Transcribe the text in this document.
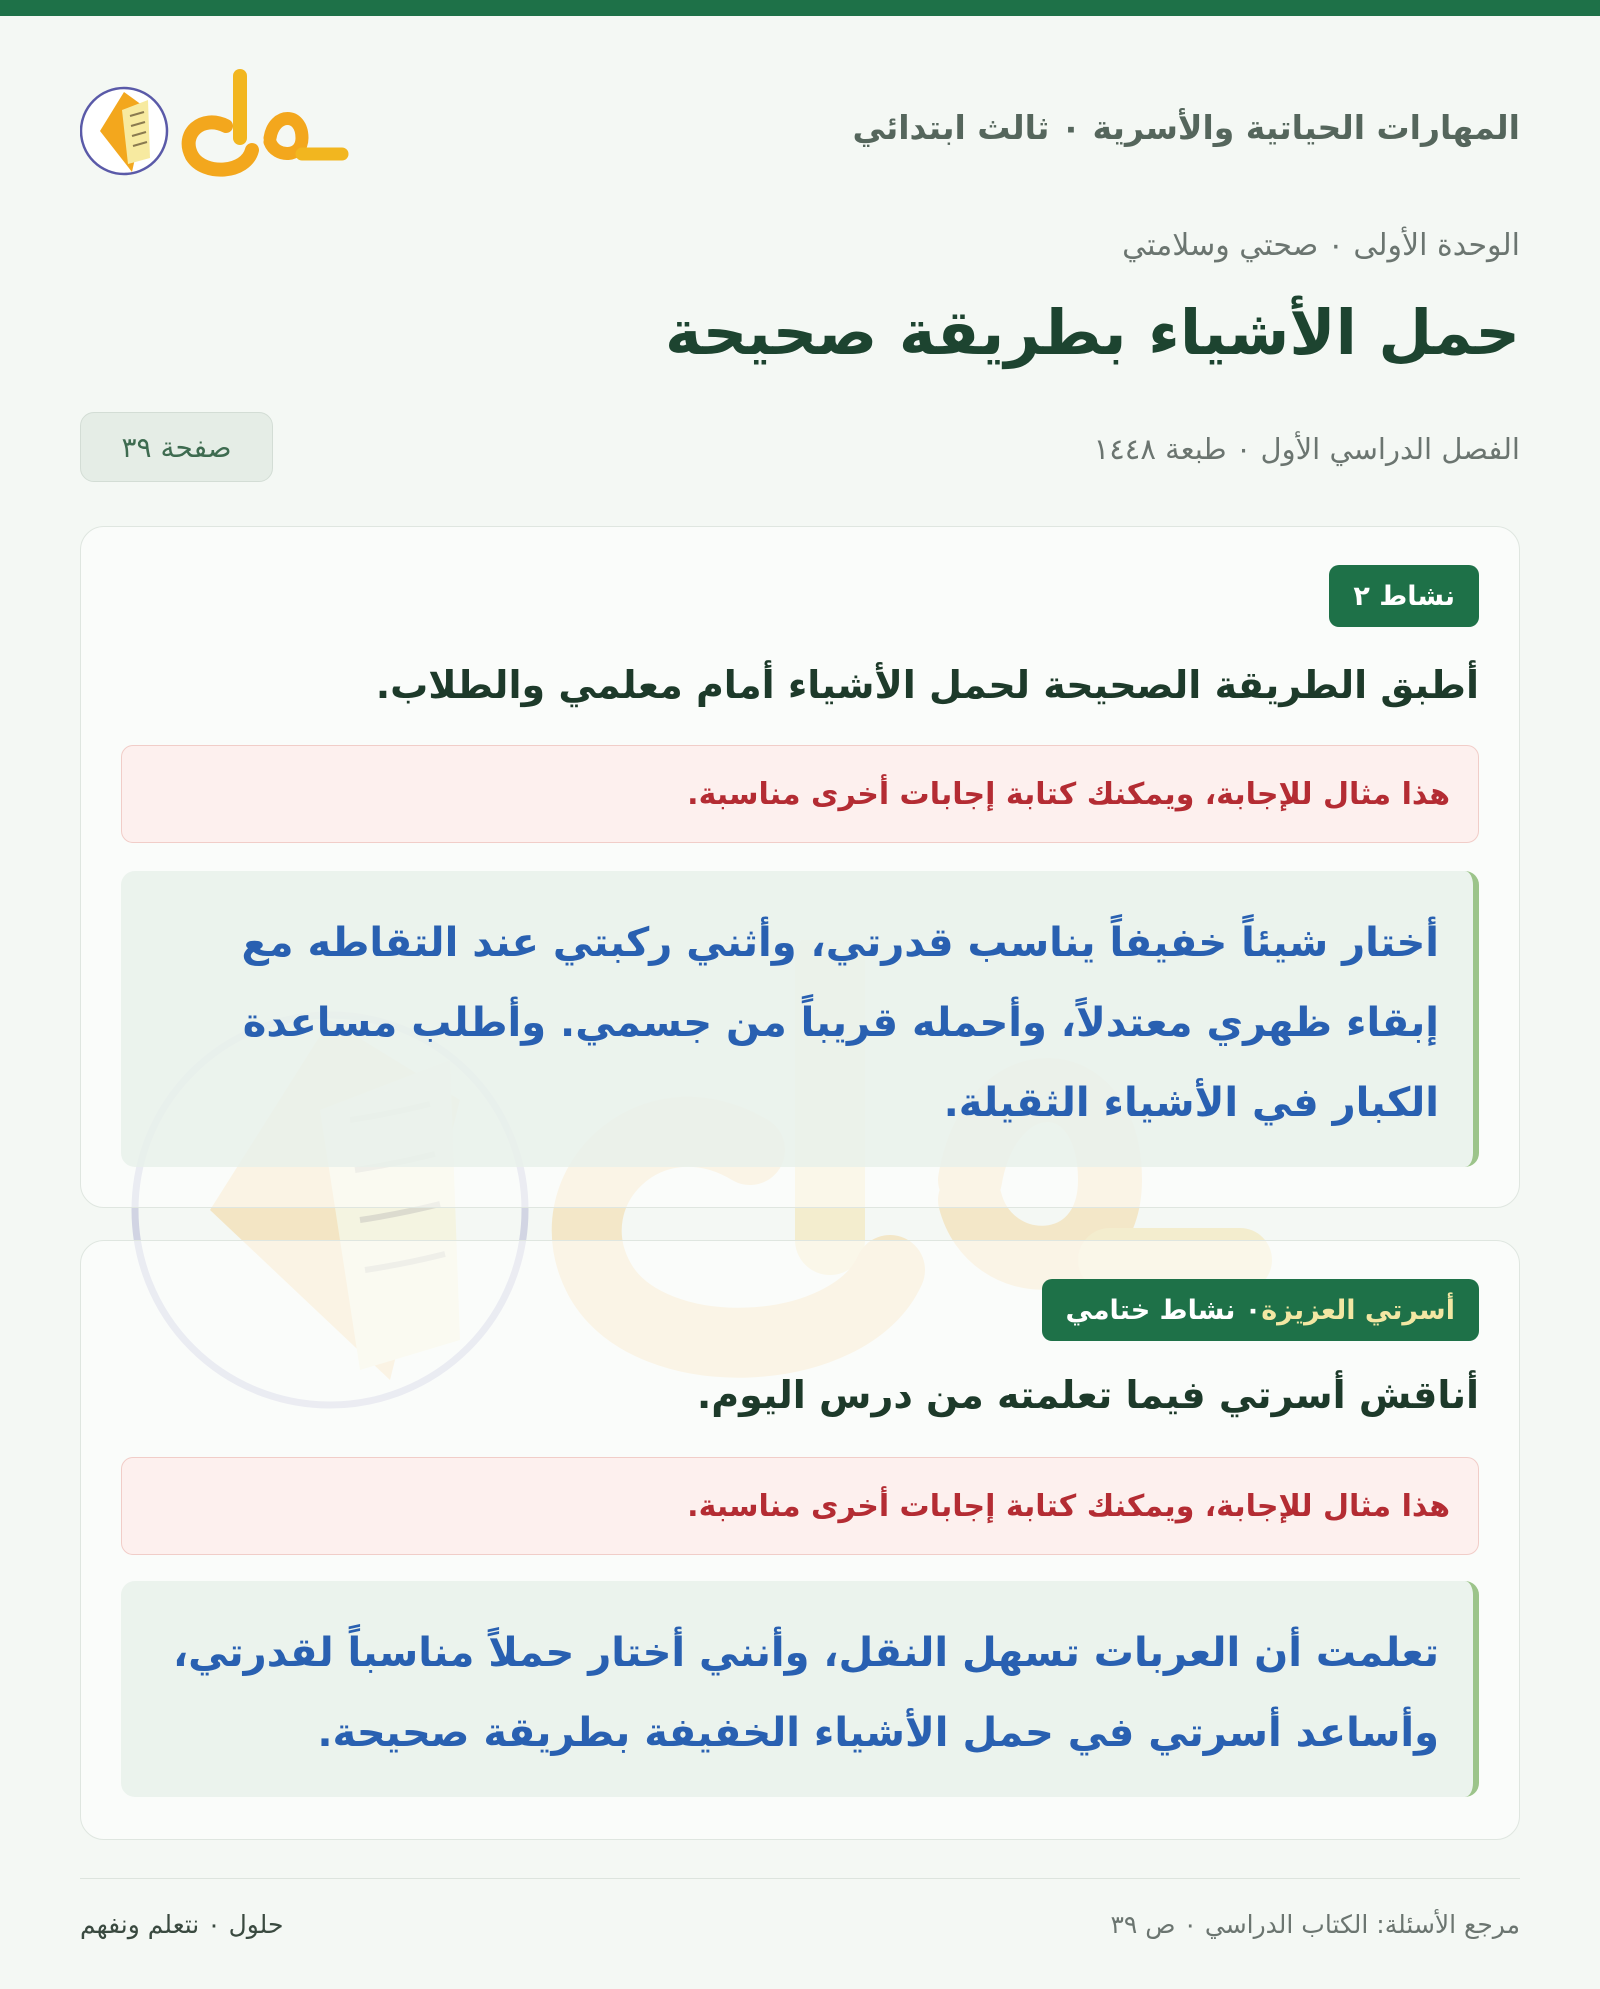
المهارات الحياتية والأسرية ٠ ثالث ابتدائي
الوحدة الأولى ٠ صحتي وسلامتي
حمل الأشياء بطريقة صحيحة
الفصل الدراسي الأول ٠ طبعة ١٤٤٨
صفحة ٣٩
نشاط ٢
أطبق الطريقة الصحيحة لحمل الأشياء أمام معلمي والطلاب.
هذا مثال للإجابة، ويمكنك كتابة إجابات أخرى مناسبة.
أختار شيئاً خفيفاً يناسب قدرتي، وأثني ركبتي عند التقاطه مع إبقاء ظهري معتدلاً، وأحمله قريباً من جسمي. وأطلب مساعدة الكبار في الأشياء الثقيلة.
أسرتي العزيزة
٠ نشاط ختامي
أناقش أسرتي فيما تعلمته من درس اليوم.
هذا مثال للإجابة، ويمكنك كتابة إجابات أخرى مناسبة.
تعلمت أن العربات تسهل النقل، وأنني أختار حملاً مناسباً لقدرتي، وأساعد أسرتي في حمل الأشياء الخفيفة بطريقة صحيحة.
مرجع الأسئلة: الكتاب الدراسي ٠ ص ٣٩
حلول ٠ نتعلم ونفهم
